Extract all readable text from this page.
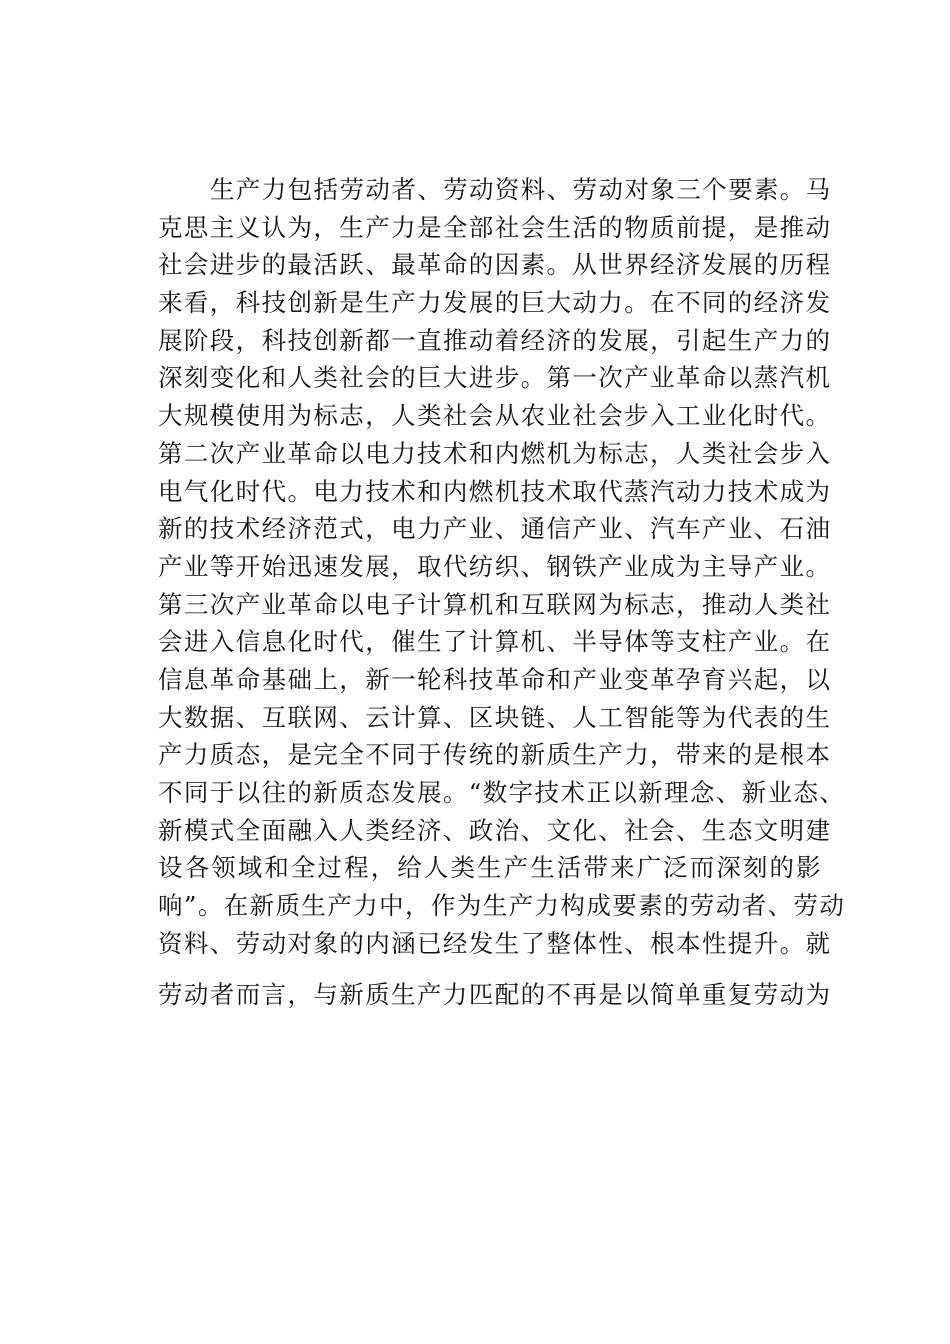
生产力包括劳动者、劳动资料、劳动对象三个要素。马
克思主义认为，生产力是全部社会生活的物质前提，是推动
社会进步的最活跃、最革命的因素。从世界经济发展的历程
来看，科技创新是生产力发展的巨大动力。在不同的经济发
展阶段，科技创新都一直推动着经济的发展，引起生产力的
深刻变化和人类社会的巨大进步。第一次产业革命以蒸汽机
大规模使用为标志，人类社会从农业社会步入工业化时代。
第二次产业革命以电力技术和内燃机为标志，人类社会步入
电气化时代。电力技术和内燃机技术取代蒸汽动力技术成为
新的技术经济范式，电力产业、通信产业、汽车产业、石油
产业等开始迅速发展，取代纺织、钢铁产业成为主导产业。
第三次产业革命以电子计算机和互联网为标志，推动人类社
会进入信息化时代，催生了计算机、半导体等支柱产业。在
信息革命基础上，新一轮科技革命和产业变革孕育兴起，以
大数据、互联网、云计算、区块链、人工智能等为代表的生
产力质态，是完全不同于传统的新质生产力，带来的是根本
不同于以往的新质态发展。“数字技术正以新理念、新业态、
新模式全面融入人类经济、政治、文化、社会、生态文明建
设各领域和全过程，给人类生产生活带来广泛而深刻的影
响”。在新质生产力中，作为生产力构成要素的劳动者、劳动
资料、劳动对象的内涵已经发生了整体性、根本性提升。就
劳动者而言，与新质生产力匹配的不再是以简单重复劳动为
